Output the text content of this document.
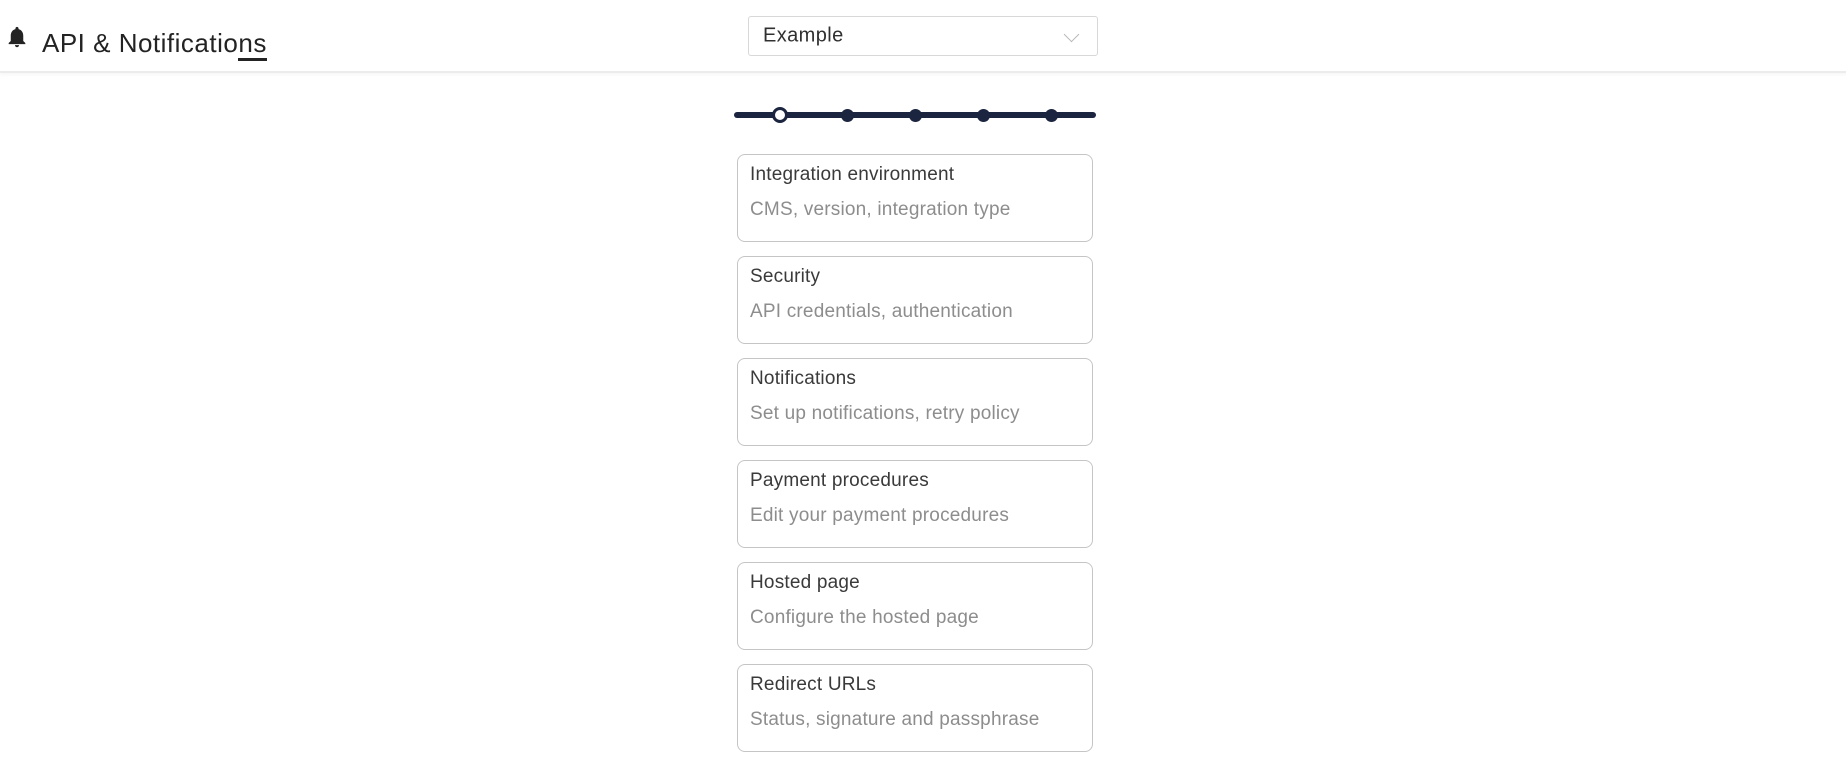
API & Notifications	Example
Integration environment
CMS, version, integration type
Security
API credentials, authentication
Notifications
Set up notifications, retry policy
Payment procedures
Edit your payment procedures
Hosted page
Configure the hosted page
Redirect URLs
Status, signature and passphrase
